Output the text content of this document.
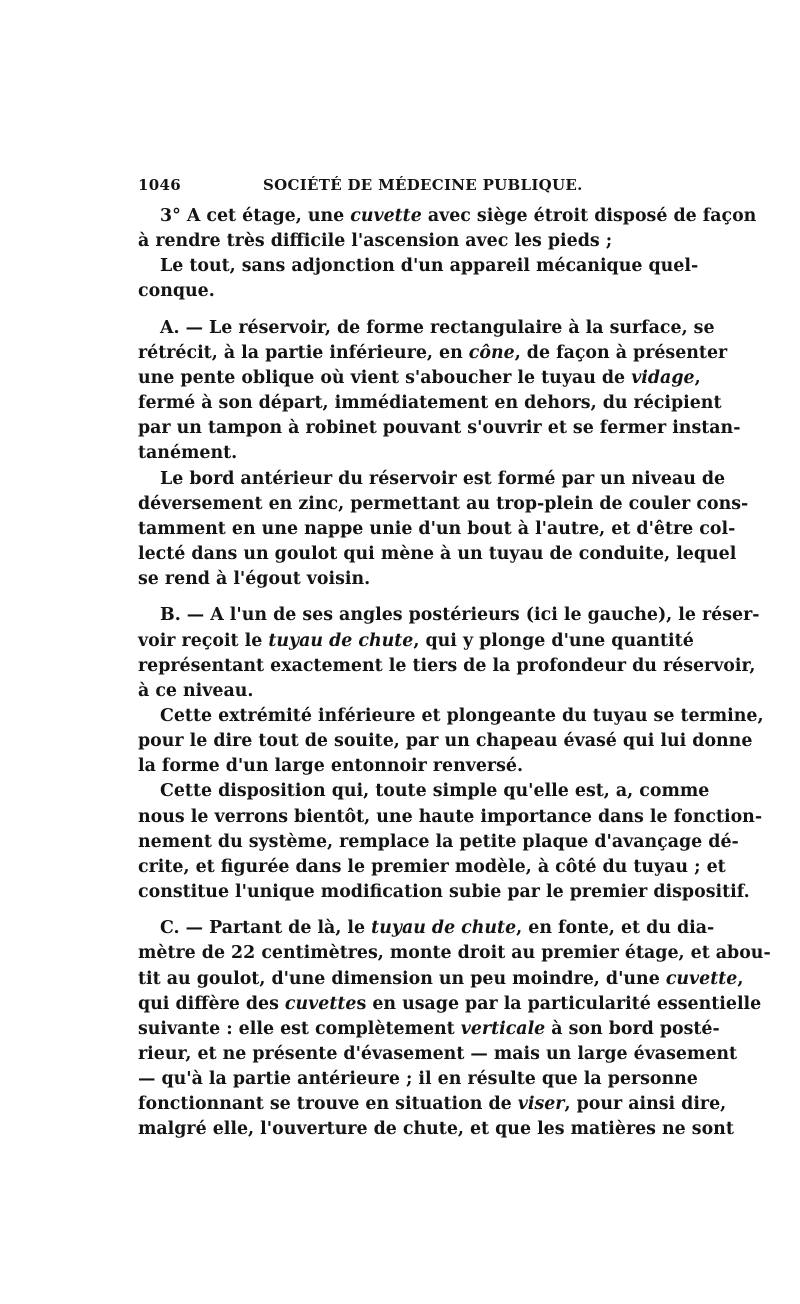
1046	SOCIÉTÉ DE MÉDECINE PUBLIQUE.
3° A cet étage, une cuvette avec siège étroit disposé de façon
à rendre très difficile l'ascension avec les pieds ;
Le tout, sans adjonction d'un appareil mécanique quel-
conque.
A. — Le réservoir, de forme rectangulaire à la surface, se
rétrécit, à la partie inférieure, en cône, de façon à présenter
une pente oblique où vient s'aboucher le tuyau de vidage,
fermé à son départ, immédiatement en dehors, du récipient
par un tampon à robinet pouvant s'ouvrir et se fermer instan-
tanément.
Le bord antérieur du réservoir est formé par un niveau de
déversement en zinc, permettant au trop-plein de couler cons-
tamment en une nappe unie d'un bout à l'autre, et d'être col-
lecté dans un goulot qui mène à un tuyau de conduite, lequel
se rend à l'égout voisin.
B. — A l'un de ses angles postérieurs (ici le gauche), le réser-
voir reçoit le tuyau de chute, qui y plonge d'une quantité
représentant exactement le tiers de la profondeur du réservoir,
à ce niveau.
Cette extrémité inférieure et plongeante du tuyau se termine,
pour le dire tout de souite, par un chapeau évasé qui lui donne
la forme d'un large entonnoir renversé.
Cette disposition qui, toute simple qu'elle est, a, comme
nous le verrons bientôt, une haute importance dans le fonction-
nement du système, remplace la petite plaque d'avançage dé-
crite, et figurée dans le premier modèle, à côté du tuyau ; et
constitue l'unique modification subie par le premier dispositif.
C. — Partant de là, le tuyau de chute, en fonte, et du dia-
mètre de 22 centimètres, monte droit au premier étage, et abou-
tit au goulot, d'une dimension un peu moindre, d'une cuvette,
qui diffère des cuvettes en usage par la particularité essentielle
suivante : elle est complètement verticale à son bord posté-
rieur, et ne présente d'évasement — mais un large évasement
— qu'à la partie antérieure ; il en résulte que la personne
fonctionnant se trouve en situation de viser, pour ainsi dire,
malgré elle, l'ouverture de chute, et que les matières ne sont
